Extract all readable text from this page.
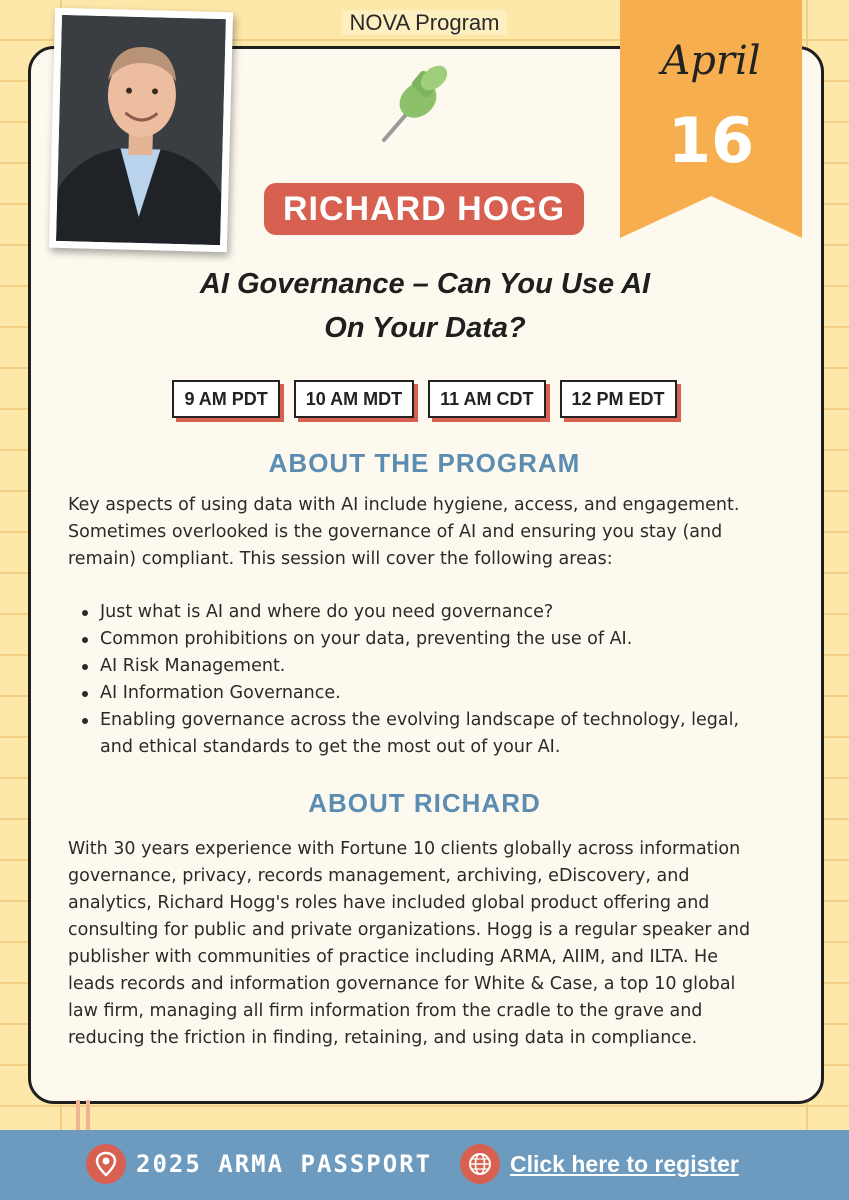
NOVA Program
April
16
RICHARD HOGG
AI Governance – Can You Use AI
On Your Data?
9 AM PDT	10 AM MDT	11 AM CDT	12 PM EDT
ABOUT THE PROGRAM
Key aspects of using data with AI include hygiene, access, and engagement. Sometimes overlooked is the governance of AI and ensuring you stay (and remain) compliant. This session will cover the following areas:
Just what is AI and where do you need governance?
Common prohibitions on your data, preventing the use of AI.
AI Risk Management.
AI Information Governance.
Enabling governance across the evolving landscape of technology, legal, and ethical standards to get the most out of your AI.
ABOUT RICHARD
With 30 years experience with Fortune 10 clients globally across information governance, privacy, records management, archiving, eDiscovery, and analytics, Richard Hogg's roles have included global product offering and consulting for public and private organizations. Hogg is a regular speaker and publisher with communities of practice including ARMA, AIIM, and ILTA. He leads records and information governance for White & Case, a top 10 global law firm, managing all firm information from the cradle to the grave and reducing the friction in finding, retaining, and using data in compliance.
2025 ARMA PASSPORT	Click here to register
